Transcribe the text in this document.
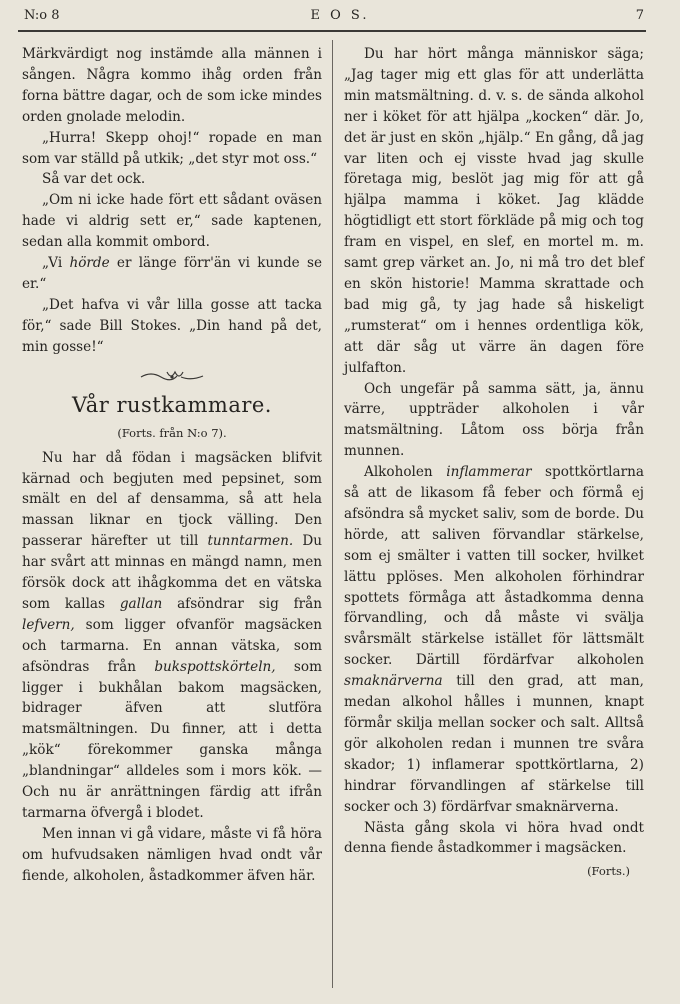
N:o 8	E O S.	7

Märkvärdigt nog instämde alla männen i sången. Några kommo ihåg orden från forna bättre dagar, och de som icke mindes orden gnolade melodin.

„Hurra! Skepp ohoj!“ ropade en man som var ställd på utkik; „det styr mot oss.“

Så var det ock.

„Om ni icke hade fört ett sådant oväsen hade vi aldrig sett er,“ sade kaptenen, sedan alla kommit ombord.

„Vi hörde er länge förr'än vi kunde se er.“

„Det hafva vi vår lilla gosse att tacka för,“ sade Bill Stokes. „Din hand på det, min gosse!“

Vår rustkammare.
(Forts. från N:o 7).

Nu har då födan i magsäcken blifvit kärnad och begjuten med pepsinet, som smält en del af densamma, så att hela massan liknar en tjock välling. Den passerar härefter ut till tunntarmen. Du har svårt att minnas en mängd namn, men försök dock att ihågkomma det en vätska som kallas gallan afsöndrar sig från lefvern, som ligger ofvanför magsäcken och tarmarna. En annan vätska, som afsöndras från bukspottskörteln, som ligger i bukhålan bakom magsäcken, bidrager äfven att slutföra matsmältningen. Du finner, att i detta „kök“ förekommer ganska många „blandningar“ alldeles som i mors kök. — Och nu är anrättningen färdig att ifrån tarmarna öfvergå i blodet.

Men innan vi gå vidare, måste vi få höra om hufvudsaken nämligen hvad ondt vår fiende, alkoholen, åstadkommer äfven här.

Du har hört många människor säga; „Jag tager mig ett glas för att underlätta min matsmältning. d. v. s. de sända alkohol ner i köket för att hjälpa „kocken“ där. Jo, det är just en skön „hjälp.“ En gång, då jag var liten och ej visste hvad jag skulle företaga mig, beslöt jag mig för att gå hjälpa mamma i köket. Jag klädde högtidligt ett stort förkläde på mig och tog fram en vispel, en slef, en mortel m. m. samt grep värket an. Jo, ni må tro det blef en skön historie! Mamma skrattade och bad mig gå, ty jag hade så hiskeligt „rumsterat“ om i hennes ordentliga kök, att där såg ut värre än dagen före julfafton.

Och ungefär på samma sätt, ja, ännu värre, uppträder alkoholen i vår matsmältning. Låtom oss börja från munnen.

Alkoholen inflammerar spottkörtlarna så att de likasom få feber och förmå ej afsöndra så mycket saliv, som de borde. Du hörde, att saliven förvandlar stärkelse, som ej smälter i vatten till socker, hvilket lättu pplöses. Men alkoholen förhindrar spottets förmåga att åstadkomma denna förvandling, och då måste vi svälja svårsmält stärkelse istället för lättsmält socker. Därtill fördärfvar alkoholen smaknärverna till den grad, att man, medan alkohol hålles i munnen, knapt förmår skilja mellan socker och salt. Alltså gör alkoholen redan i munnen tre svåra skador; 1) inflamerar spottkörtlarna, 2) hindrar förvandlingen af stärkelse till socker och 3) fördärfvar smaknärverna.

Nästa gång skola vi höra hvad ondt denna fiende åstadkommer i magsäcken.

(Forts.)
